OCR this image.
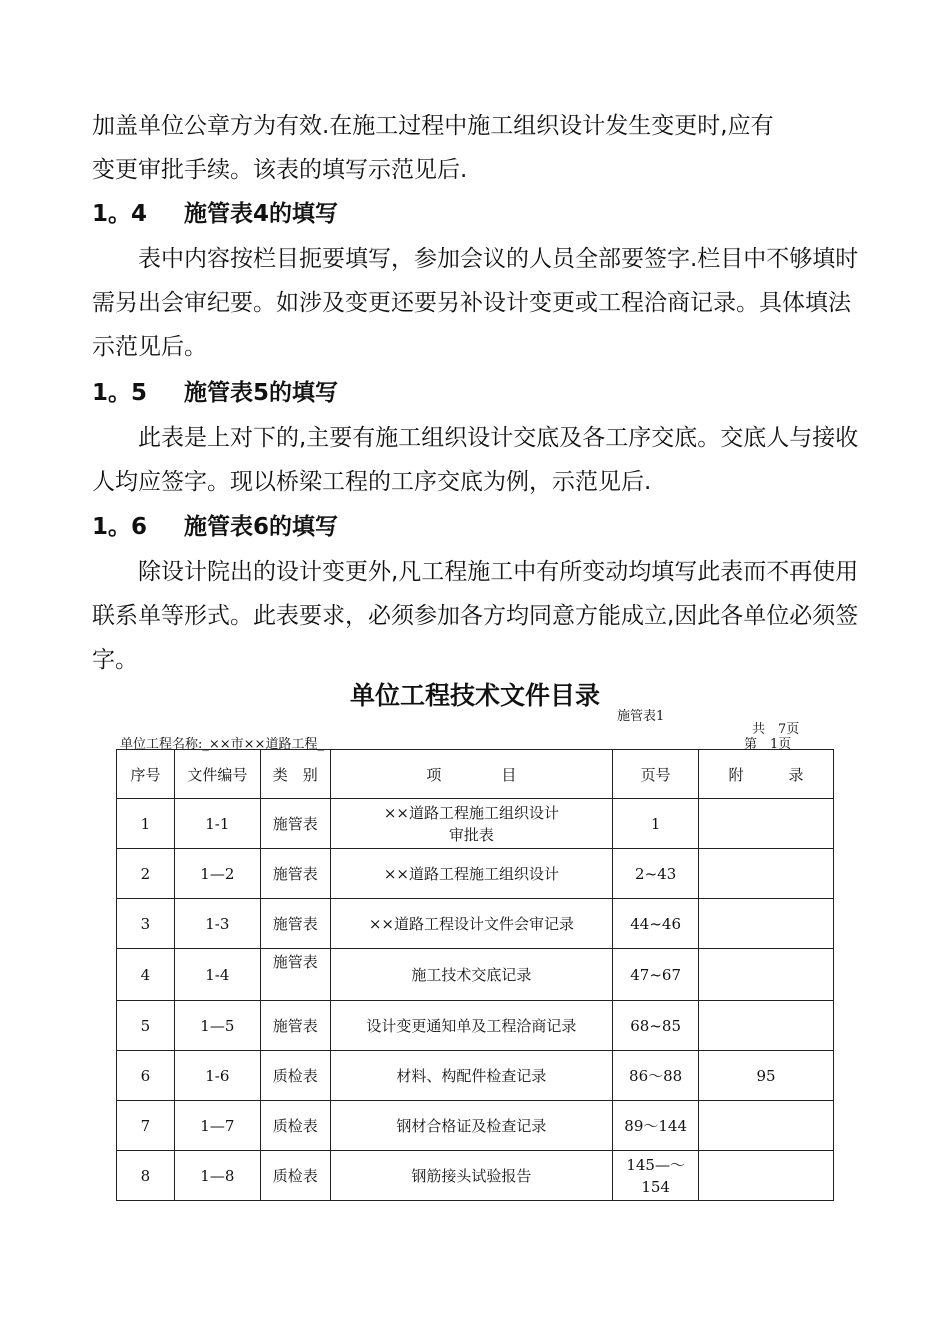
加盖单位公章方为有效.在施工过程中施工组织设计发生变更时,应有

变更审批手续。该表的填写示范见后.

1。4 施管表4的填写
表中内容按栏目扼要填写，参加会议的人员全部要签字.栏目中不够填时需另出会审纪要。如涉及变更还要另补设计变更或工程洽商记录。具体填法示范见后。
1。5 施管表5的填写
此表是上对下的,主要有施工组织设计交底及各工序交底。交底人与接收人均应签字。现以桥梁工程的工序交底为例，示范见后.
1。6 施管表6的填写
除设计院出的设计变更外,凡工程施工中有所变动均填写此表而不再使用联系单等形式。此表要求，必须参加各方均同意方能成立,因此各单位必须签字。
单位工程技术文件目录
施管表1
共　7页
单位工程名称:_××市××道路工程_	第　1页
序号	文件编号	类　别	项　　　　目	页号	附　　　录
1	1-1	施管表	××道路工程施工组织设计
审批表	1	
2	1—2	施管表	××道路工程施工组织设计	2~43	
3	1-3	施管表	××道路工程设计文件会审记录	44~46	
4	1-4	施管表	施工技术交底记录	47~67	
5	1—5	施管表	设计变更通知单及工程洽商记录	68~85	
6	1-6	质检表	材料、构配件检查记录	86～88	95
7	1—7	质检表	钢材合格证及检查记录	89～144	
8	1—8	质检表	钢筋接头试验报告	145—～
154	
